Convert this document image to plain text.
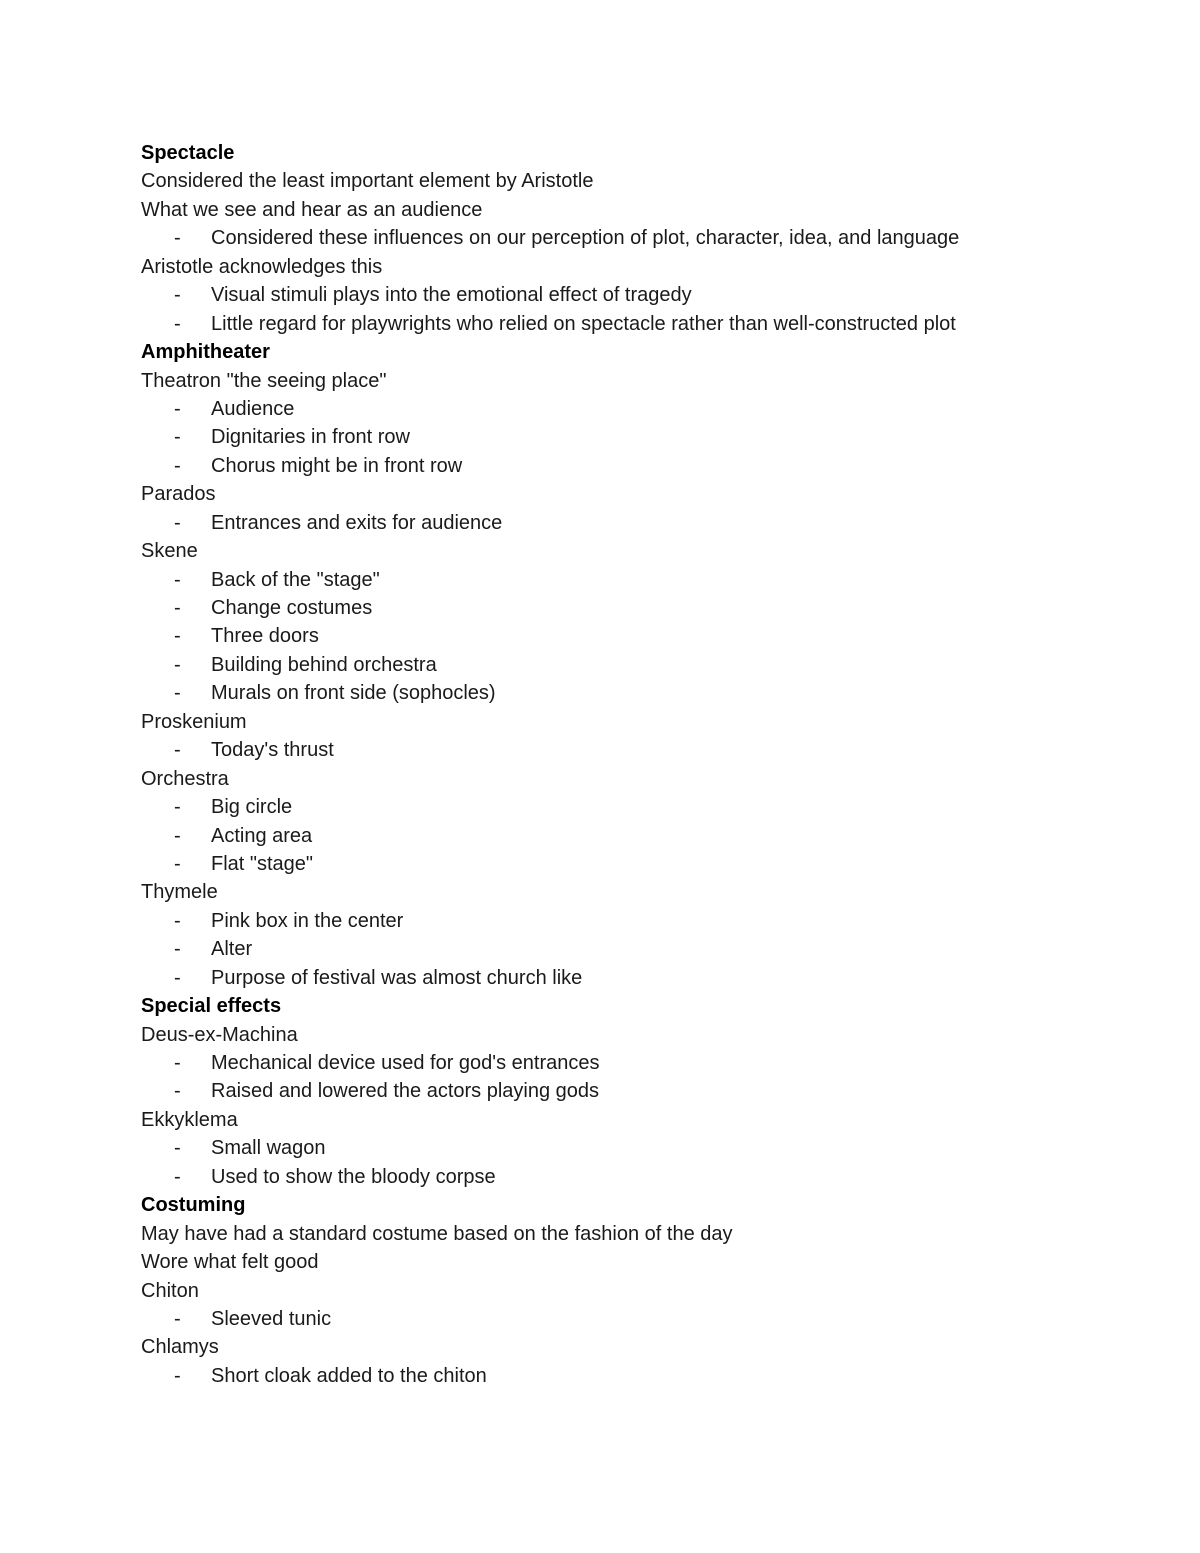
Spectacle
Considered the least important element by Aristotle
What we see and hear as an audience
- Considered these influences on our perception of plot, character, idea, and language
Aristotle acknowledges this
- Visual stimuli plays into the emotional effect of tragedy
- Little regard for playwrights who relied on spectacle rather than well-constructed plot
Amphitheater
Theatron "the seeing place"
- Audience
- Dignitaries in front row
- Chorus might be in front row
Parados
- Entrances and exits for audience
Skene
- Back of the "stage"
- Change costumes
- Three doors
- Building behind orchestra
- Murals on front side (sophocles)
Proskenium
- Today's thrust
Orchestra
- Big circle
- Acting area
- Flat "stage"
Thymele
- Pink box in the center
- Alter
- Purpose of festival was almost church like
Special effects
Deus-ex-Machina
- Mechanical device used for god's entrances
- Raised and lowered the actors playing gods
Ekkyklema
- Small wagon
- Used to show the bloody corpse
Costuming
May have had a standard costume based on the fashion of the day
Wore what felt good
Chiton
- Sleeved tunic
Chlamys
- Short cloak added to the chiton
